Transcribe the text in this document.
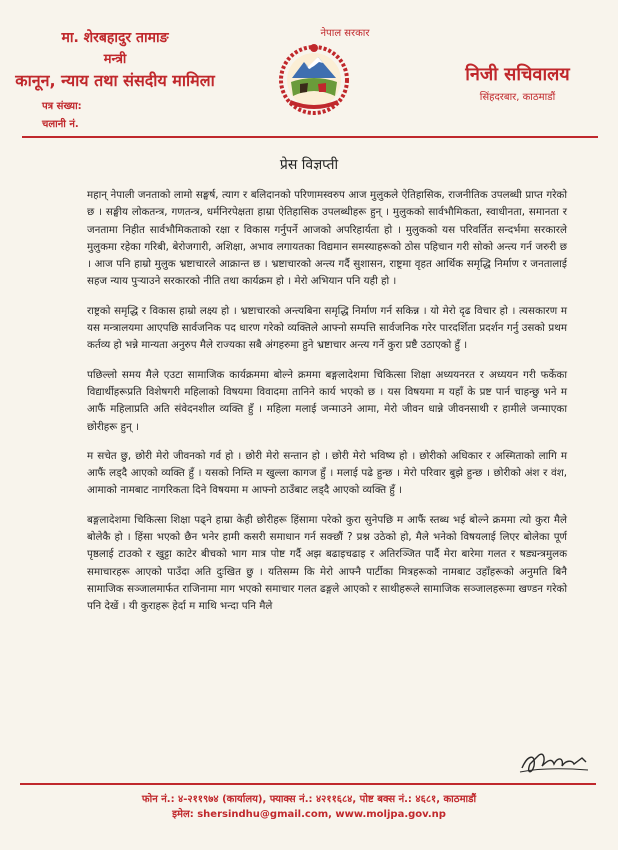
मा. शेरबहादुर तामाङ
मन्त्री
कानून, न्याय तथा संसदीय मामिला
पत्र संख्या:
चलानी नं.
नेपाल सरकार
निजी सचिवालय
सिंहदरबार, काठमाडौं
प्रेस विज्ञप्ती

महान् नेपाली जनताको लामो सङ्घर्ष, त्याग र बलिदानको परिणामस्वरुप आज मुलुकले ऐतिहासिक, राजनीतिक उपलब्धी प्राप्त गरेको छ । सङ्घीय लोकतन्त्र, गणतन्त्र, धर्मनिरपेक्षता हाम्रा ऐतिहासिक उपलब्धीहरू हुन् । मुलुकको सार्वभौमिकता, स्वाधीनता, समानता र जनतामा निहीत सार्वभौमिकताको रक्षा र विकास गर्नुपर्ने आजको अपरिहार्यता हो । मुलुकको यस परिवर्तित सन्दर्भमा सरकारले मुलुकमा रहेका गरिबी, बेरोजगारी, अशिक्षा, अभाव लगायतका विद्यमान समस्याहरूको ठोस पहिचान गरी सोको अन्त्य गर्न जरुरी छ । आज पनि हाम्रो मुलुक भ्रष्टाचारले आक्रान्त छ । भ्रष्टाचारको अन्त्य गर्दै सुशासन, राष्ट्रमा वृहत आर्थिक समृद्धि निर्माण र जनतालाई सहज न्याय पुऱ्याउने सरकारको नीति तथा कार्यक्रम हो । मेरो अभियान पनि यही हो ।

राष्ट्रको समृद्धि र विकास हाम्रो लक्ष्य हो । भ्रष्टाचारको अन्त्यबिना समृद्धि निर्माण गर्न सकिन्न । यो मेरो दृढ विचार हो । त्यसकारण म यस मन्त्रालयमा आएपछि सार्वजनिक पद धारण गरेको व्यक्तिले आफ्नो सम्पत्ति सार्वजनिक गरेर पारदर्शिता प्रदर्शन गर्नु उसको प्रथम कर्तव्य हो भन्ने मान्यता अनुरुप मैले राज्यका सबै अंगहरुमा हुने भ्रष्टाचार अन्त्य गर्ने कुरा प्रष्टै उठाएको हुँ ।

पछिल्लो समय मैले एउटा सामाजिक कार्यक्रममा बोल्ने क्रममा बङ्गलादेशमा चिकित्सा शिक्षा अध्ययनरत र अध्ययन गरी फर्केका विद्यार्थीहरूप्रति विशेषगरी महिलाको विषयमा विवादमा तानिने कार्य भएको छ । यस विषयमा म यहाँ के प्रष्ट पार्न चाहन्छु भने म आफैं महिलाप्रति अति संवेदनशील व्यक्ति हुँ । महिला मलाई जन्माउने आमा, मेरो जीवन धान्ने जीवनसाथी र हामीले जन्माएका छोरीहरू हुन् ।

म सचेत छु, छोरी मेरो जीवनको गर्व हो । छोरी मेरो सन्तान हो । छोरी मेरो भविष्य हो । छोरीको अधिकार र अस्मिताको लागि म आफैं लड्दै आएको व्यक्ति हुँ । यसको निम्ति म खुल्ला कागज हुँ । मलाई पढे हुन्छ । मेरो परिवार बुझे हुन्छ । छोरीको अंश र वंश, आमाको नामबाट नागरिकता दिने विषयमा म आफ्नो ठाउँबाट लड्दै आएको व्यक्ति हुँ ।

बङ्गलादेशमा चिकित्सा शिक्षा पढ्ने हाम्रा केही छोरीहरू हिंसामा परेको कुरा सुनेपछि म आफैं स्तब्ध भई बोल्ने क्रममा त्यो कुरा मैले बोलेकै हो । हिंसा भएको छैन भनेर हामी कसरी समाधान गर्न सक्छौं ? प्रश्न उठेको हो, मैले भनेको विषयलाई लिएर बोलेका पूर्ण पृष्ठलाई टाउको र खुट्टा काटेर बीचको भाग मात्र पोष्ट गर्दै अझ बढाइचढाइ र अतिरञ्जित पार्दै मेरा बारेमा गलत र षड्यन्त्रमुलक समाचारहरू आएको पाउँदा अति दुःखित छु । यतिसम्म कि मेरो आफ्नै पार्टीका मित्रहरूको नामबाट उहाँहरूको अनुमति बिनै सामाजिक सञ्जालमार्फत राजिनामा माग भएको समाचार गलत ढङ्गले आएको र साथीहरूले सामाजिक सञ्जालहरूमा खण्डन गरेको पनि देखें । यी कुराहरू हेर्दा म माथि भन्दा पनि मैले

फोन नं.: ४-२११९७४ (कार्यालय), फ्याक्स नं.: ४२११६८४, पोष्ट बक्स नं.: ४६८१, काठमाडौं
इमेल: shersindhu@gmail.com, www.moljpa.gov.np
